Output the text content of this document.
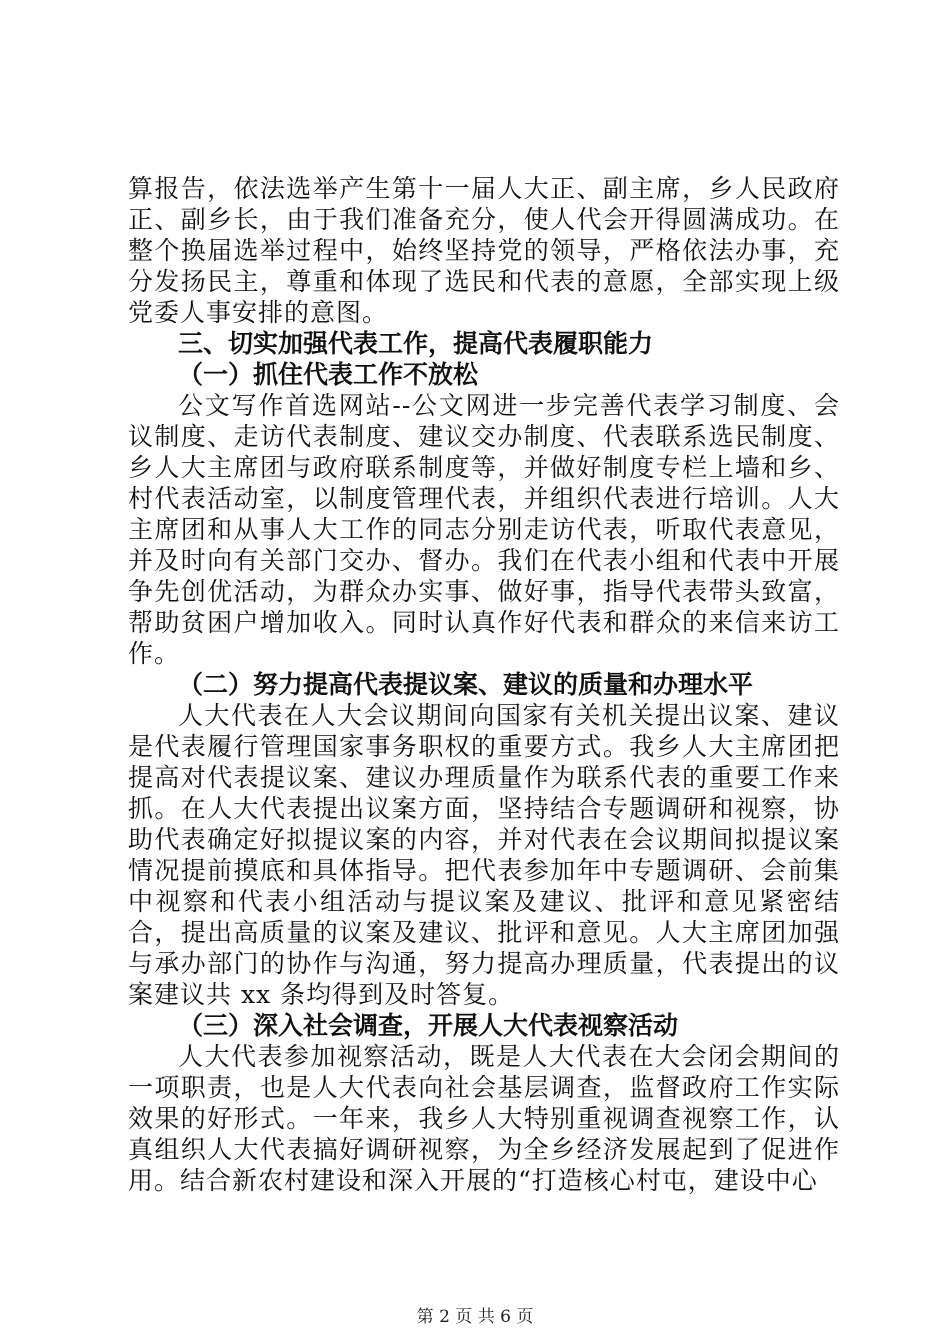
算报告，依法选举产生第十一届人大正、副主席，乡人民政府正、副乡长，由于我们准备充分，使人代会开得圆满成功。在整个换届选举过程中，始终坚持党的领导，严格依法办事，充分发扬民主，尊重和体现了选民和代表的意愿，全部实现上级党委人事安排的意图。

三、切实加强代表工作，提高代表履职能力

（一）抓住代表工作不放松

公文写作首选网站--公文网进一步完善代表学习制度、会议制度、走访代表制度、建议交办制度、代表联系选民制度、乡人大主席团与政府联系制度等，并做好制度专栏上墙和乡、村代表活动室，以制度管理代表，并组织代表进行培训。人大主席团和从事人大工作的同志分别走访代表，听取代表意见，并及时向有关部门交办、督办。我们在代表小组和代表中开展争先创优活动，为群众办实事、做好事，指导代表带头致富，帮助贫困户增加收入。同时认真作好代表和群众的来信来访工作。

（二）努力提高代表提议案、建议的质量和办理水平

人大代表在人大会议期间向国家有关机关提出议案、建议是代表履行管理国家事务职权的重要方式。我乡人大主席团把提高对代表提议案、建议办理质量作为联系代表的重要工作来抓。在人大代表提出议案方面，坚持结合专题调研和视察，协助代表确定好拟提议案的内容，并对代表在会议期间拟提议案情况提前摸底和具体指导。把代表参加年中专题调研、会前集中视察和代表小组活动与提议案及建议、批评和意见紧密结合，提出高质量的议案及建议、批评和意见。人大主席团加强与承办部门的协作与沟通，努力提高办理质量，代表提出的议案建议共 xx 条均得到及时答复。

（三）深入社会调查，开展人大代表视察活动

人大代表参加视察活动，既是人大代表在大会闭会期间的一项职责，也是人大代表向社会基层调查，监督政府工作实际效果的好形式。一年来，我乡人大特别重视调查视察工作，认真组织人大代表搞好调研视察，为全乡经济发展起到了促进作用。结合新农村建设和深入开展的“打造核心村屯，建设中心

第 2 页 共 6 页
